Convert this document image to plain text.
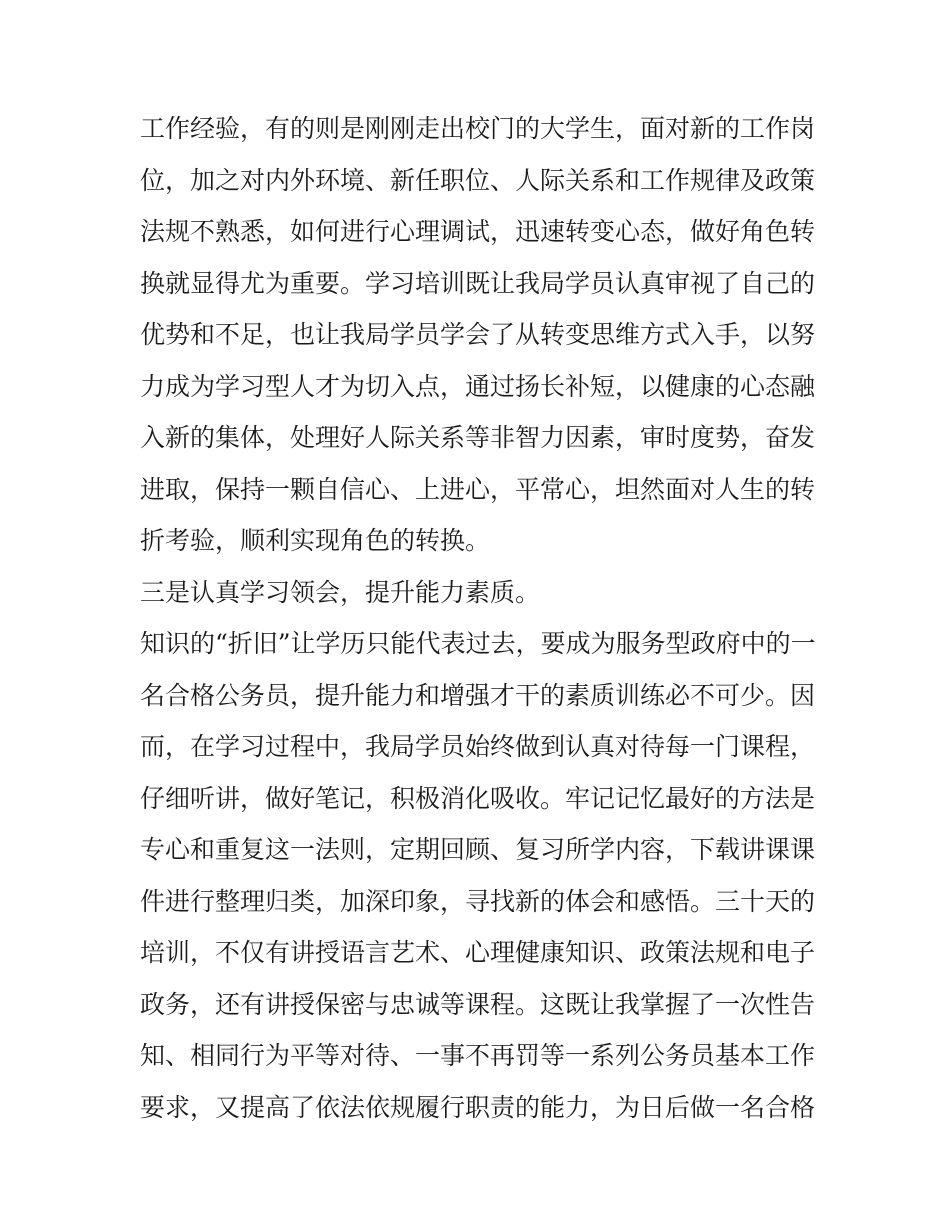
工作经验，有的则是刚刚走出校门的大学生，面对新的工作岗

位，加之对内外环境、新任职位、人际关系和工作规律及政策

法规不熟悉，如何进行心理调试，迅速转变心态，做好角色转

换就显得尤为重要。学习培训既让我局学员认真审视了自己的

优势和不足，也让我局学员学会了从转变思维方式入手，以努

力成为学习型人才为切入点，通过扬长补短，以健康的心态融

入新的集体，处理好人际关系等非智力因素，审时度势，奋发

进取，保持一颗自信心、上进心，平常心，坦然面对人生的转

折考验，顺利实现角色的转换。

三是认真学习领会，提升能力素质。

知识的“折旧”让学历只能代表过去，要成为服务型政府中的一

名合格公务员，提升能力和增强才干的素质训练必不可少。因

而，在学习过程中，我局学员始终做到认真对待每一门课程，

仔细听讲，做好笔记，积极消化吸收。牢记记忆最好的方法是

专心和重复这一法则，定期回顾、复习所学内容，下载讲课课

件进行整理归类，加深印象，寻找新的体会和感悟。三十天的

培训，不仅有讲授语言艺术、心理健康知识、政策法规和电子

政务，还有讲授保密与忠诚等课程。这既让我掌握了一次性告

知、相同行为平等对待、一事不再罚等一系列公务员基本工作

要求，又提高了依法依规履行职责的能力，为日后做一名合格
